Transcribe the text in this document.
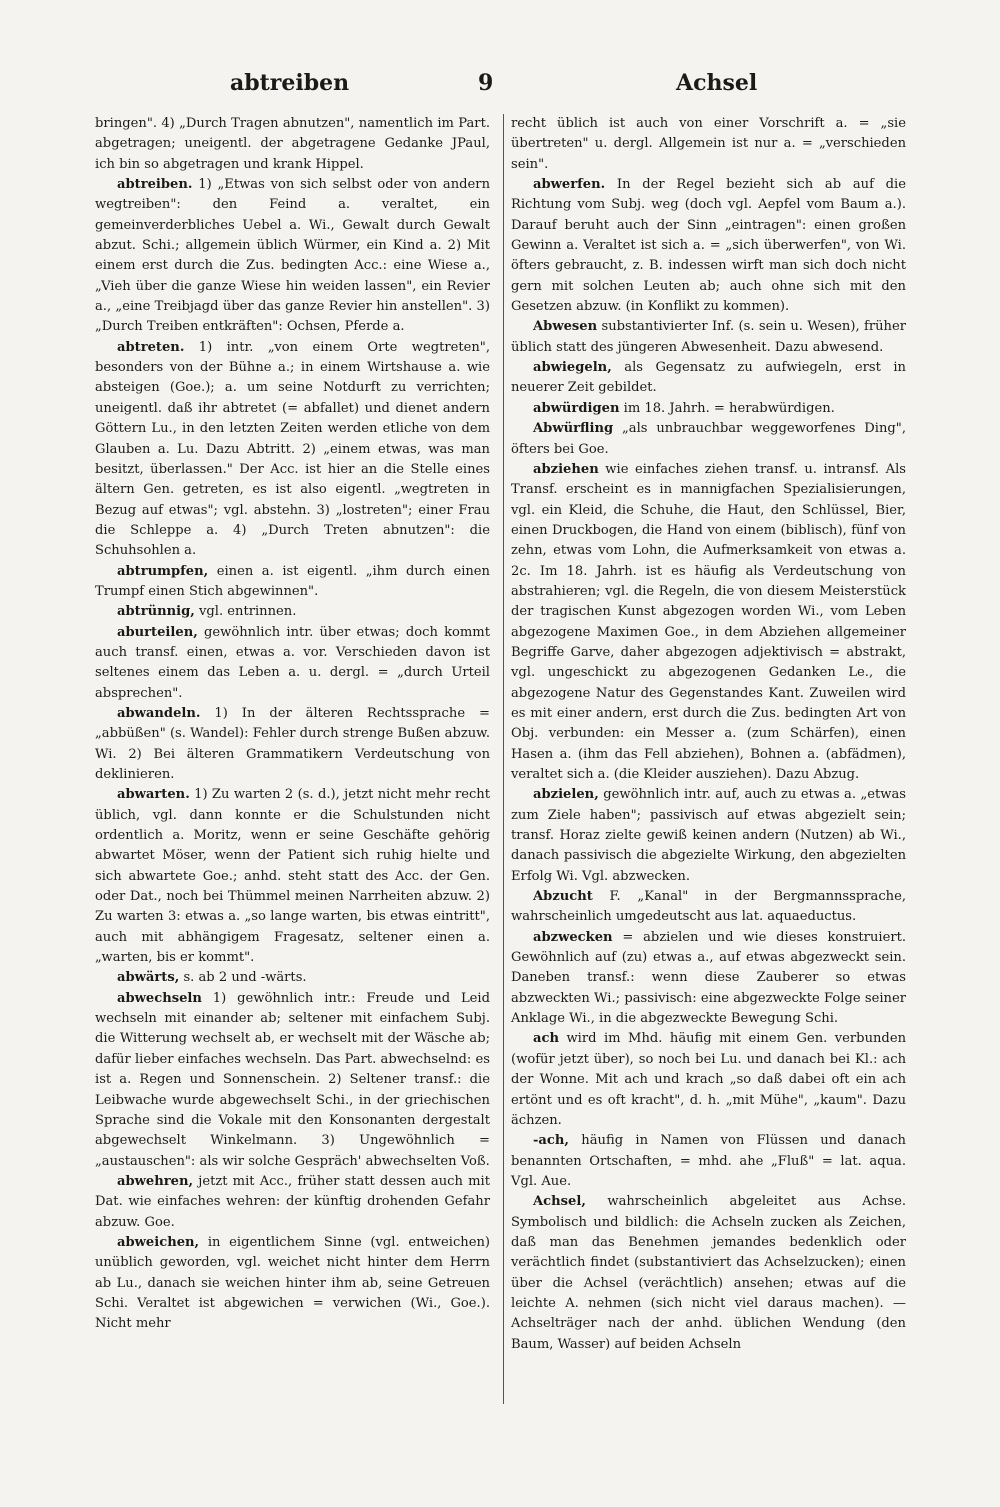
abtreiben	9	Achsel

bringen". 4) „Durch Tragen abnutzen", namentlich im Part. abgetragen; uneigentl. der abgetragene Gedanke JPaul, ich bin so abgetragen und krank Hippel.

abtreiben. 1) „Etwas von sich selbst oder von andern wegtreiben": den Feind a. veraltet, ein gemeinverderbliches Uebel a. Wi., Gewalt durch Gewalt abzut. Schi.; allgemein üblich Würmer, ein Kind a. 2) Mit einem erst durch die Zus. bedingten Acc.: eine Wiese a., „Vieh über die ganze Wiese hin weiden lassen", ein Revier a., „eine Treibjagd über das ganze Revier hin anstellen". 3) „Durch Treiben entkräften": Ochsen, Pferde a.

abtreten. 1) intr. „von einem Orte wegtreten", besonders von der Bühne a.; in einem Wirtshause a. wie absteigen (Goe.); a. um seine Notdurft zu verrichten; uneigentl. daß ihr abtretet (= abfallet) und dienet andern Göttern Lu., in den letzten Zeiten werden etliche von dem Glauben a. Lu. Dazu Abtritt. 2) „einem etwas, was man besitzt, überlassen." Der Acc. ist hier an die Stelle eines ältern Gen. getreten, es ist also eigentl. „wegtreten in Bezug auf etwas"; vgl. abstehn. 3) „lostreten"; einer Frau die Schleppe a. 4) „Durch Treten abnutzen": die Schuhsohlen a.

abtrumpfen, einen a. ist eigentl. „ihm durch einen Trumpf einen Stich abgewinnen".

abtrünnig, vgl. entrinnen.

aburteilen, gewöhnlich intr. über etwas; doch kommt auch transf. einen, etwas a. vor. Verschieden davon ist seltenes einem das Leben a. u. dergl. = „durch Urteil absprechen".

abwandeln. 1) In der älteren Rechtssprache = „abbüßen" (s. Wandel): Fehler durch strenge Bußen abzuw. Wi. 2) Bei älteren Grammatikern Verdeutschung von deklinieren.

abwarten. 1) Zu warten 2 (s. d.), jetzt nicht mehr recht üblich, vgl. dann konnte er die Schulstunden nicht ordentlich a. Moritz, wenn er seine Geschäfte gehörig abwartet Möser, wenn der Patient sich ruhig hielte und sich abwartete Goe.; anhd. steht statt des Acc. der Gen. oder Dat., noch bei Thümmel meinen Narrheiten abzuw. 2) Zu warten 3: etwas a. „so lange warten, bis etwas eintritt", auch mit abhängigem Fragesatz, seltener einen a. „warten, bis er kommt".

abwärts, s. ab 2 und -wärts.

abwechseln 1) gewöhnlich intr.: Freude und Leid wechseln mit einander ab; seltener mit einfachem Subj. die Witterung wechselt ab, er wechselt mit der Wäsche ab; dafür lieber einfaches wechseln. Das Part. abwechselnd: es ist a. Regen und Sonnenschein. 2) Seltener transf.: die Leibwache wurde abgewechselt Schi., in der griechischen Sprache sind die Vokale mit den Konsonanten dergestalt abgewechselt Winkelmann. 3) Ungewöhnlich = „austauschen": als wir solche Gespräch' abwechselten Voß.

abwehren, jetzt mit Acc., früher statt dessen auch mit Dat. wie einfaches wehren: der künftig drohenden Gefahr abzuw. Goe.

abweichen, in eigentlichem Sinne (vgl. entweichen) unüblich geworden, vgl. weichet nicht hinter dem Herrn ab Lu., danach sie weichen hinter ihm ab, seine Getreuen Schi. Veraltet ist abgewichen = verwichen (Wi., Goe.). Nicht mehr

recht üblich ist auch von einer Vorschrift a. = „sie übertreten" u. dergl. Allgemein ist nur a. = „verschieden sein".

abwerfen. In der Regel bezieht sich ab auf die Richtung vom Subj. weg (doch vgl. Aepfel vom Baum a.). Darauf beruht auch der Sinn „eintragen": einen großen Gewinn a. Veraltet ist sich a. = „sich überwerfen", von Wi. öfters gebraucht, z. B. indessen wirft man sich doch nicht gern mit solchen Leuten ab; auch ohne sich mit den Gesetzen abzuw. (in Konflikt zu kommen).

Abwesen substantivierter Inf. (s. sein u. Wesen), früher üblich statt des jüngeren Abwesenheit. Dazu abwesend.

abwiegeln, als Gegensatz zu aufwiegeln, erst in neuerer Zeit gebildet.

abwürdigen im 18. Jahrh. = herabwürdigen.

Abwürfling „als unbrauchbar weggeworfenes Ding", öfters bei Goe.

abziehen wie einfaches ziehen transf. u. intransf. Als Transf. erscheint es in mannigfachen Spezialisierungen, vgl. ein Kleid, die Schuhe, die Haut, den Schlüssel, Bier, einen Druckbogen, die Hand von einem (biblisch), fünf von zehn, etwas vom Lohn, die Aufmerksamkeit von etwas a. 2c. Im 18. Jahrh. ist es häufig als Verdeutschung von abstrahieren; vgl. die Regeln, die von diesem Meisterstück der tragischen Kunst abgezogen worden Wi., vom Leben abgezogene Maximen Goe., in dem Abziehen allgemeiner Begriffe Garve, daher abgezogen adjektivisch = abstrakt, vgl. ungeschickt zu abgezogenen Gedanken Le., die abgezogene Natur des Gegenstandes Kant. Zuweilen wird es mit einer andern, erst durch die Zus. bedingten Art von Obj. verbunden: ein Messer a. (zum Schärfen), einen Hasen a. (ihm das Fell abziehen), Bohnen a. (abfädmen), veraltet sich a. (die Kleider ausziehen). Dazu Abzug.

abzielen, gewöhnlich intr. auf, auch zu etwas a. „etwas zum Ziele haben"; passivisch auf etwas abgezielt sein; transf. Horaz zielte gewiß keinen andern (Nutzen) ab Wi., danach passivisch die abgezielte Wirkung, den abgezielten Erfolg Wi. Vgl. abzwecken.

Abzucht F. „Kanal" in der Bergmannssprache, wahrscheinlich umgedeutscht aus lat. aquaeductus.

abzwecken = abzielen und wie dieses konstruiert. Gewöhnlich auf (zu) etwas a., auf etwas abgezweckt sein. Daneben transf.: wenn diese Zauberer so etwas abzweckten Wi.; passivisch: eine abgezweckte Folge seiner Anklage Wi., in die abgezweckte Bewegung Schi.

ach wird im Mhd. häufig mit einem Gen. verbunden (wofür jetzt über), so noch bei Lu. und danach bei Kl.: ach der Wonne. Mit ach und krach „so daß dabei oft ein ach ertönt und es oft kracht", d. h. „mit Mühe", „kaum". Dazu ächzen.

-ach, häufig in Namen von Flüssen und danach benannten Ortschaften, = mhd. ahe „Fluß" = lat. aqua. Vgl. Aue.

Achsel, wahrscheinlich abgeleitet aus Achse. Symbolisch und bildlich: die Achseln zucken als Zeichen, daß man das Benehmen jemandes bedenklich oder verächtlich findet (substantiviert das Achselzucken); einen über die Achsel (verächtlich) ansehen; etwas auf die leichte A. nehmen (sich nicht viel daraus machen). — Achselträger nach der anhd. üblichen Wendung (den Baum, Wasser) auf beiden Achseln
